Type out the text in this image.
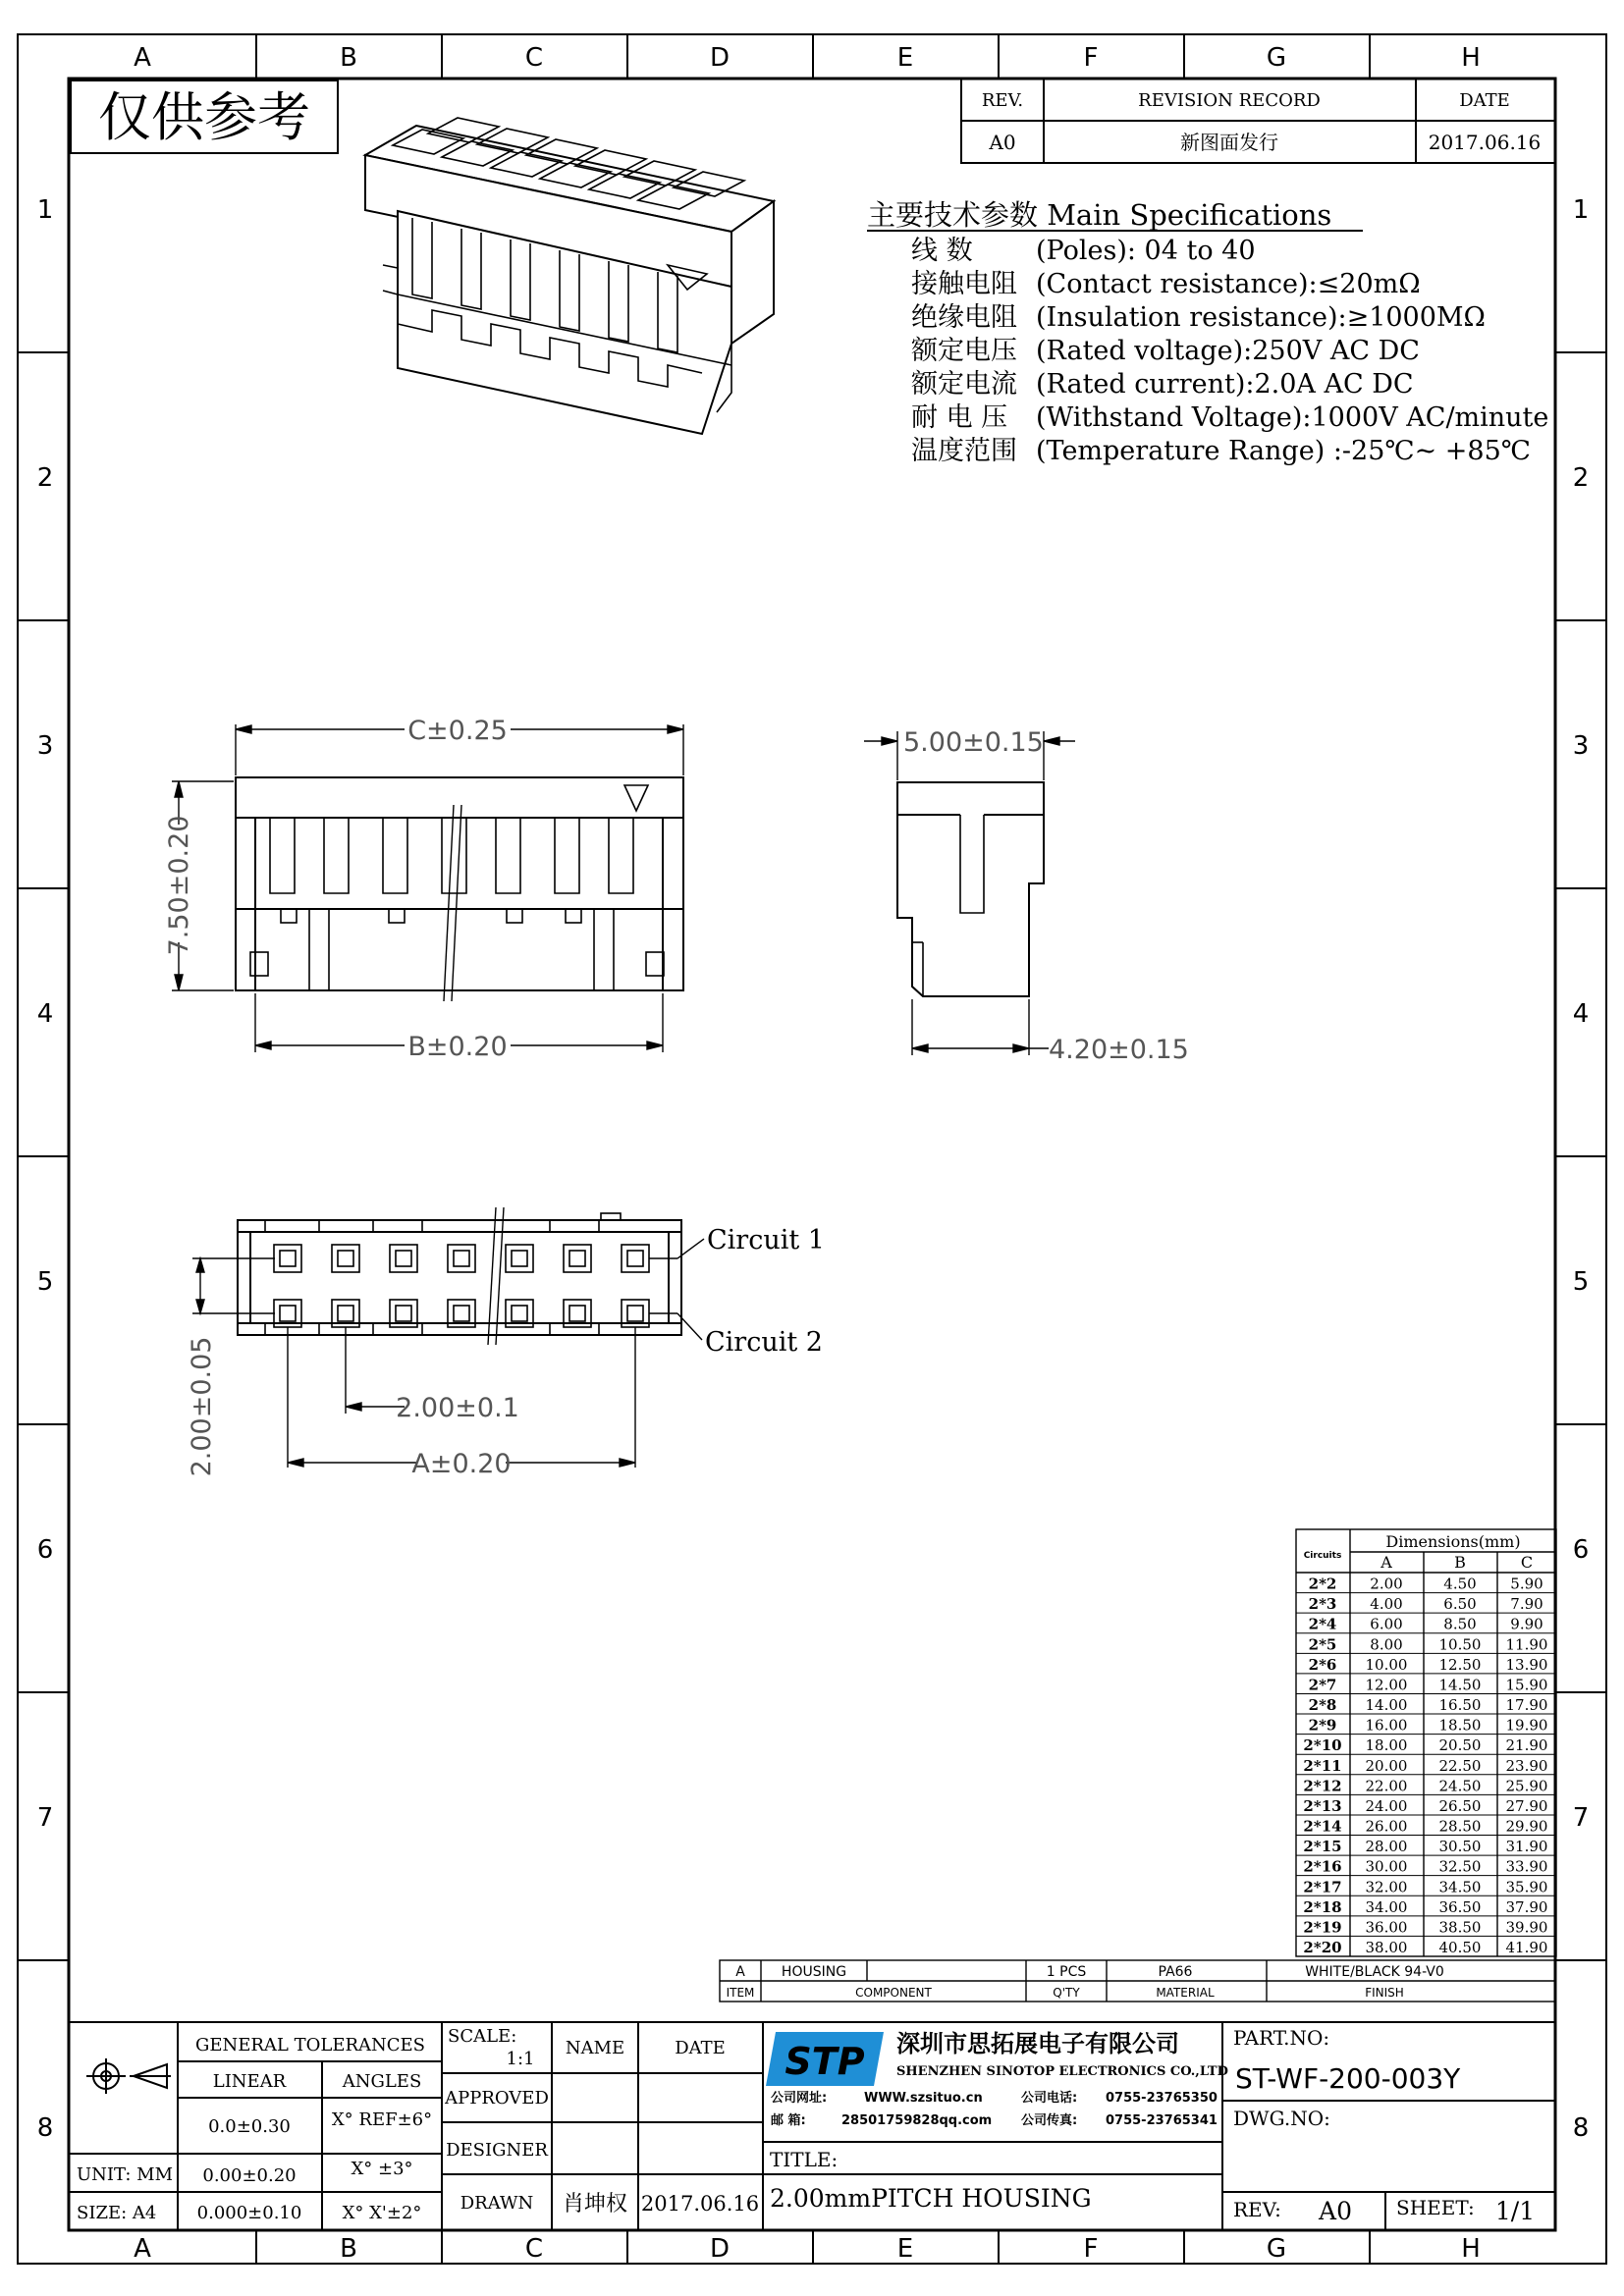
A	B	C	D	E	F	G	H
A	B	C	D	E	F	G	H
1
2
3
4
5
6
7
8
1
2
3
4
5
6
7
8
仅供参考	REV.	REVISION RECORD	DATE
A0	新图面发行	2017.06.16
主要技术参数 Main Specifications
线 数 (Poles): 04 to 40
接触电阻 (Contact resistance):≤20mΩ
绝缘电阻 (Insulation resistance):≥1000MΩ
额定电压 (Rated voltage):250V AC DC
额定电流 (Rated current):2.0A AC DC
耐 电 压 (Withstand Voltage):1000V AC/minute
温度范围 (Temperature Range) :-25℃~ +85℃
C±0.25
B±0.20
7.50±0.20
5.00±0.15
4.20±0.15
2.00±0.05	2.00±0.1
A±0.20
Circuit 1
Circuit 2
Dimensions(mm)
Circuits A	B	C
2*2 2.00	4.50 5.90
2*3 4.00	6.50 7.90
2*4 6.00	8.50 9.90
2*5 8.00 10.50 11.90
2*6 10.00 12.50 13.90
2*7 12.00 14.50 15.90
2*8 14.00 16.50 17.90
2*9 16.00 18.50 19.90
2*10 18.00 20.50 21.90
2*11 20.00 22.50 23.90
2*12 22.00 24.50 25.90
2*13 24.00 26.50 27.90
2*14 26.00 28.50 29.90
2*15 28.00 30.50 31.90
2*16 30.00 32.50 33.90
2*17 32.00 34.50 35.90
2*18 34.00 36.50 37.90
2*19 36.00 38.50 39.90
2*20 38.00 40.50 41.90
A	HOUSING	1 PCS	PA66	WHITE/BLACK 94-V0
ITEM	COMPONENT	Q'TY	MATERIAL	FINISH
GENERAL TOLERANCES
LINEAR	ANGLES
0.0±0.30 X° REF±6°
0.00±0.20	X° ±3°
0.000±0.10 X° X'±2°
UNIT: MM
SIZE: A4
SCALE:
1:1
NAME	DATE
APPROVED
DESIGNER
DRAWN 肖坤权 2017.06.16
STP 深圳市思拓展电子有限公司
SHENZHEN SINOTOP ELECTRONICS CO.,LTD
公司网址:	WWW.szsituo.cn
邮 箱:	28501759828qq.com
公司电话: 0755-23765350
公司传真: 0755-23765341
TITLE:
2.00mmPITCH HOUSING
PART.NO:
ST-WF-200-003Y
DWG.NO:
REV: A0 SHEET: 1/1
